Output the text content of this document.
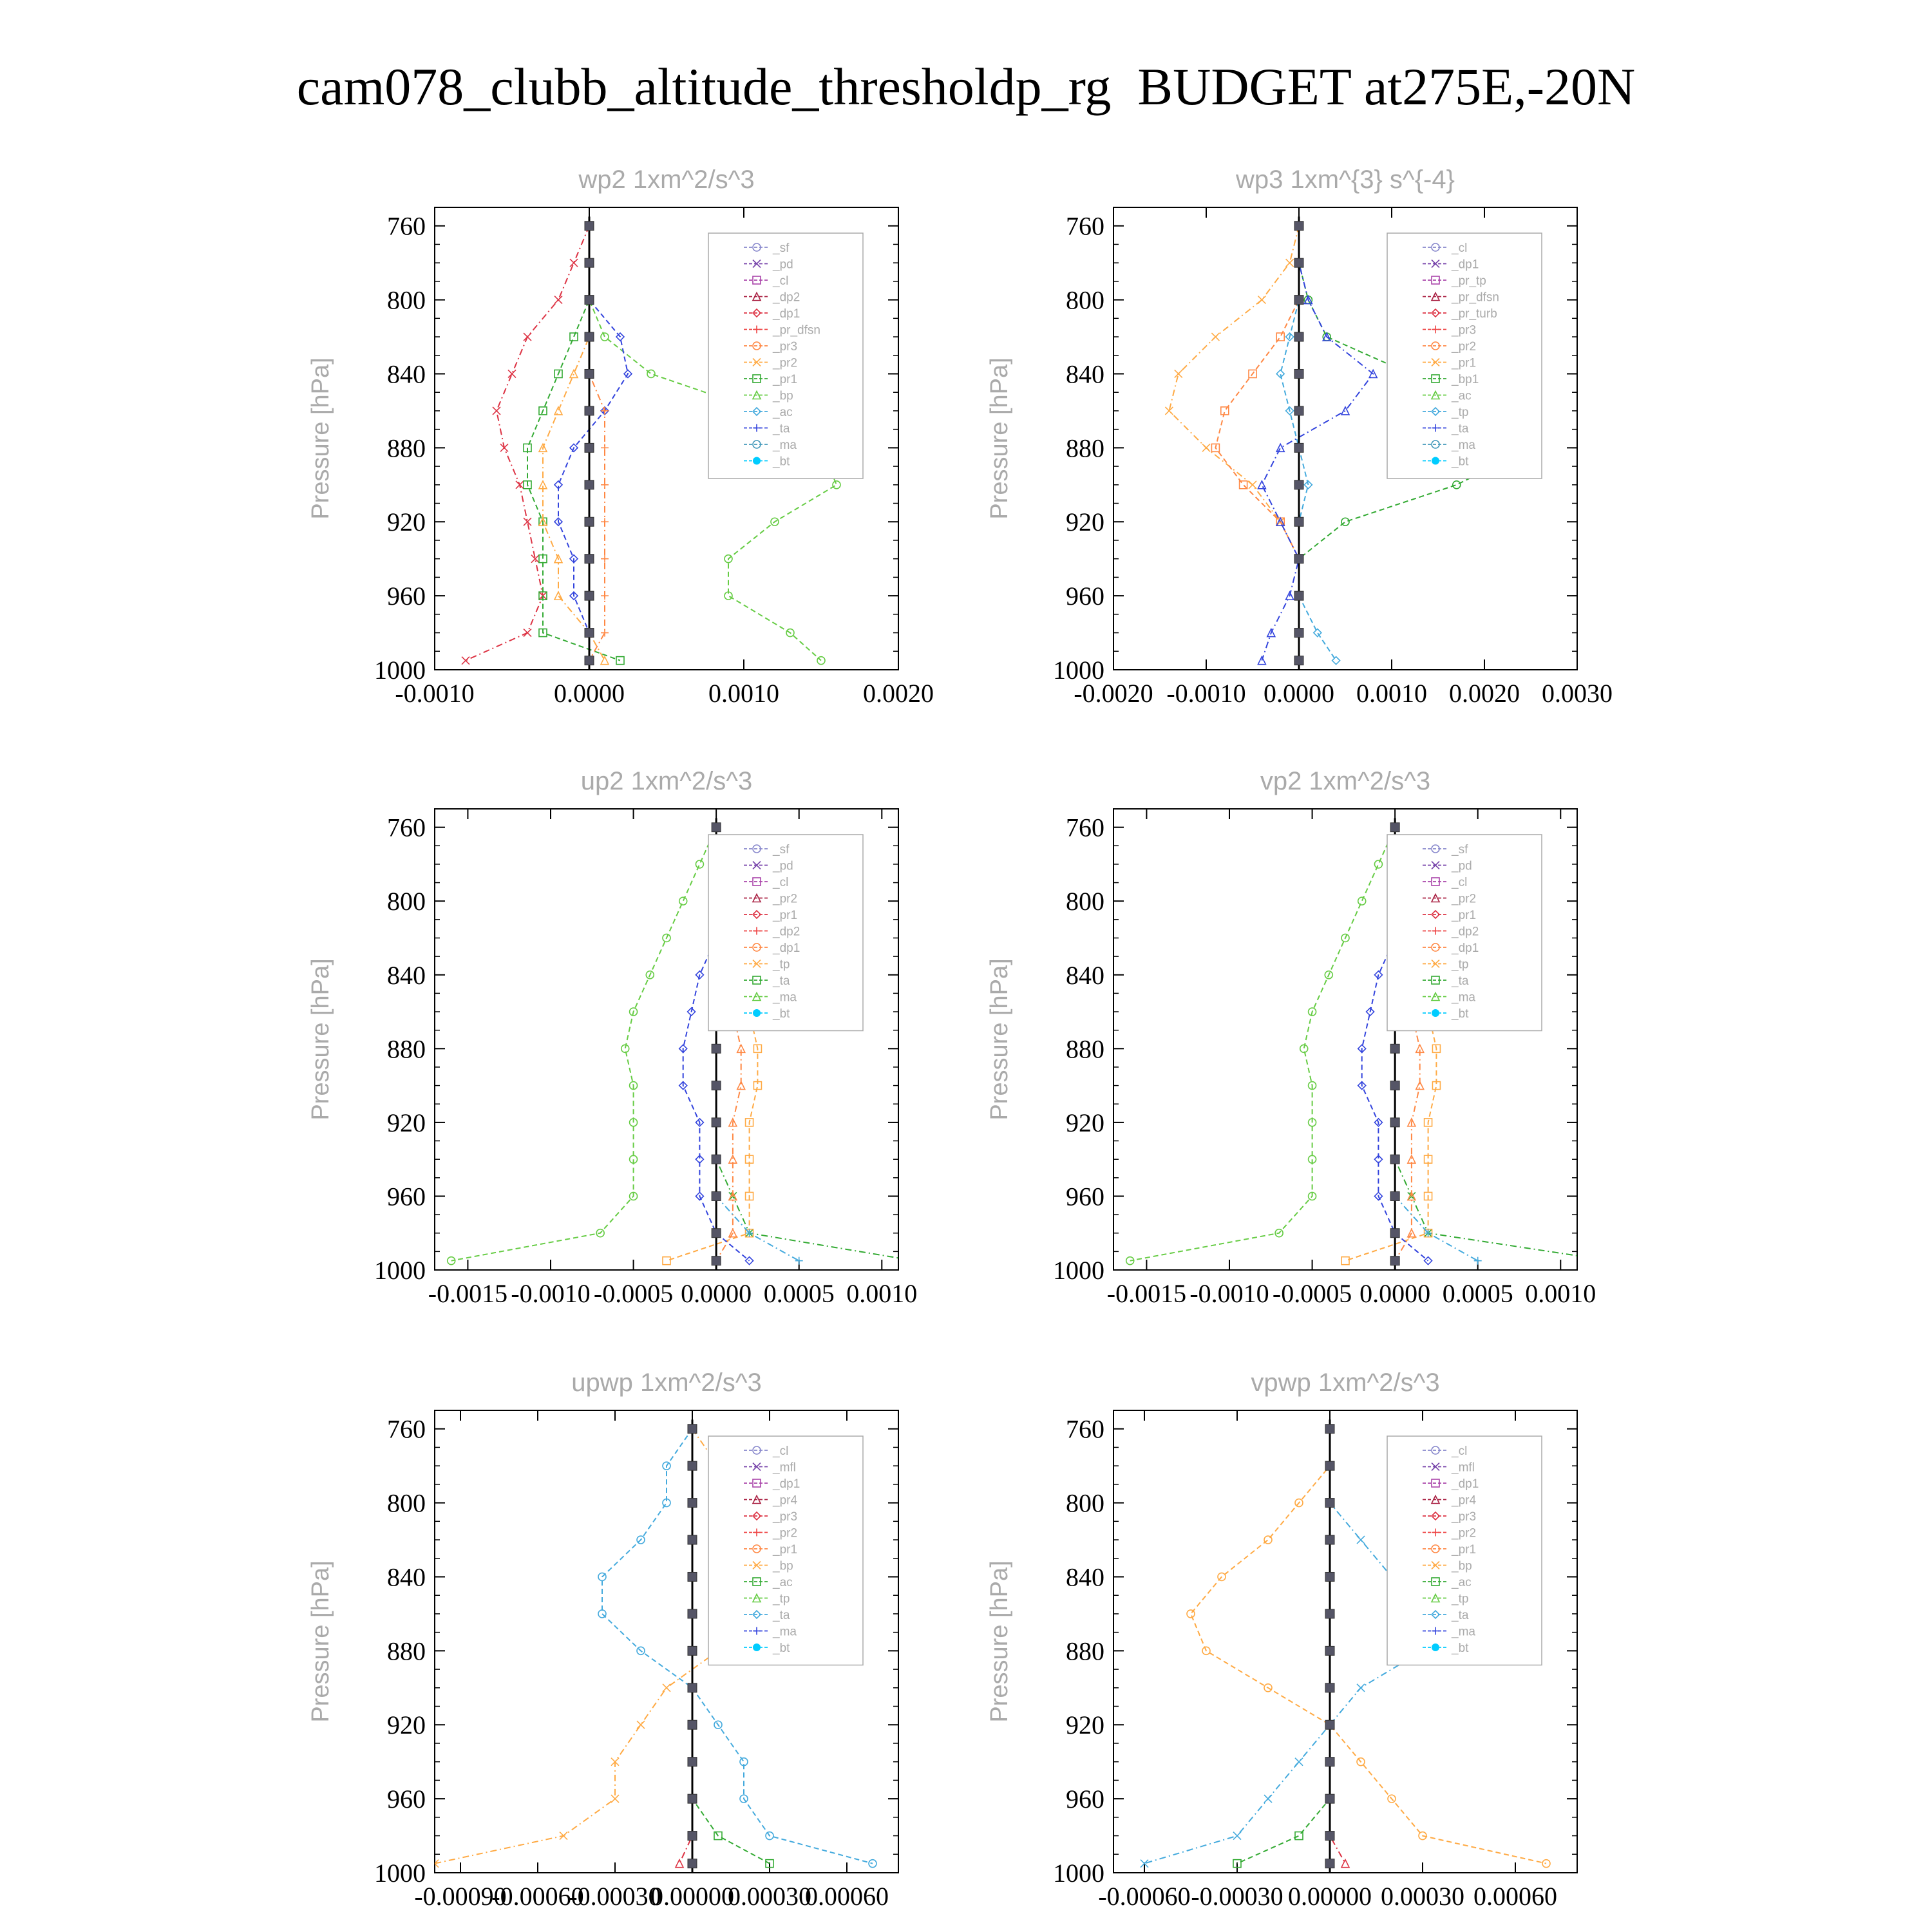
cam078_clubb_altitude_thresholdp_rg  BUDGET at275E,-20N
wp2 1xm^2/s^3
Pressure [hPa]
760
800
840
880
920
960
1000
-0.0010	0.0000	0.0010	0.0020
_sf
_pd
_cl
_dp2
_dp1
_pr_dfsn
_pr3
_pr2
_pr1
_bp
_ac
_ta
_ma
_bt
wp3 1xm^{3} s^{-4}
Pressure [hPa]
760
800
840
880
920
960
1000
-0.0020 -0.0010 0.0000 0.0010 0.0020 0.0030
_cl
_dp1
_pr_tp
_pr_dfsn
_pr_turb
_pr3
_pr2
_pr1
_bp1
_ac
_tp
_ta
_ma
_bt
up2 1xm^2/s^3
Pressure [hPa]
760
800
840
880
920
960
1000
-0.0015 -0.0010 -0.0005 0.0000 0.0005 0.0010
_sf
_pd
_cl
_pr2
_pr1
_dp2
_dp1
_tp
_ta
_ma
_bt
vp2 1xm^2/s^3
Pressure [hPa]
760
800
840
880
920
960
1000
-0.0015 -0.0010 -0.0005 0.0000 0.0005 0.0010
_sf
_pd
_cl
_pr2
_pr1
_dp2
_dp1
_tp
_ta
_ma
_bt
upwp 1xm^2/s^3
Pressure [hPa]
760
800
840
880
920
960
1000
-0.00090
-0.00060
-0.00030
0.00000
0.00030
0.00060
_cl
_mfl
_dp1
_pr4
_pr3
_pr2
_pr1
_bp
_ac
_tp
_ta
_ma
_bt
vpwp 1xm^2/s^3
Pressure [hPa]
760
800
840
880
920
960
1000
-0.00060 -0.00030 0.00000 0.00030 0.00060
_cl
_mfl
_dp1
_pr4
_pr3
_pr2
_pr1
_bp
_ac
_tp
_ta
_ma
_bt
